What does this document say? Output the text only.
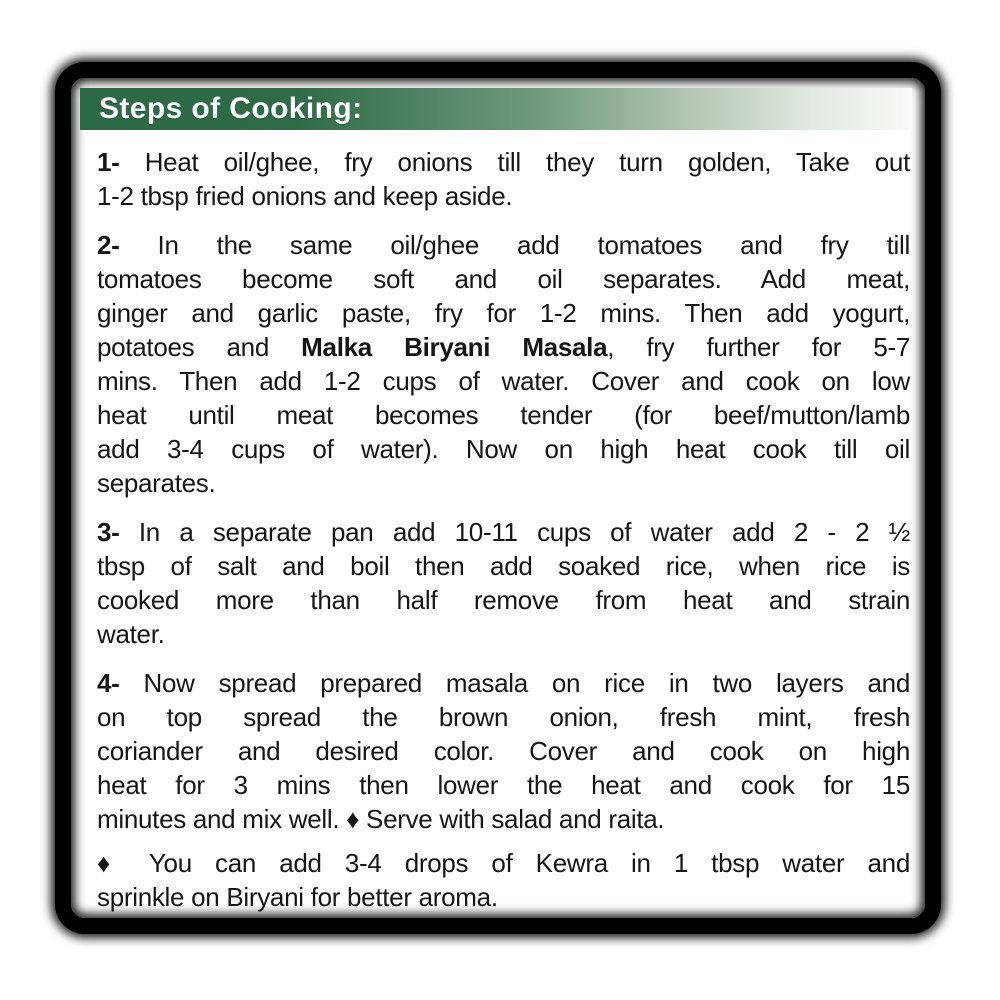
Steps of Cooking:
1- Heat oil/ghee, fry onions till they turn golden, Take out
1-2 tbsp fried onions and keep aside.
2- In the same oil/ghee add tomatoes and fry till
tomatoes become soft and oil separates. Add meat,
ginger and garlic paste, fry for 1-2 mins. Then add yogurt,
potatoes and Malka Biryani Masala, fry further for 5-7
mins. Then add 1-2 cups of water. Cover and cook on low
heat until meat becomes tender (for beef/mutton/lamb
add 3-4 cups of water). Now on high heat cook till oil
separates.
3- In a separate pan add 10-11 cups of water add 2 - 2 ½
tbsp of salt and boil then add soaked rice, when rice is
cooked more than half remove from heat and strain
water.
4- Now spread prepared masala on rice in two layers and
on top spread the brown onion, fresh mint, fresh
coriander and desired color. Cover and cook on high
heat for 3 mins then lower the heat and cook for 15
minutes and mix well. ♦ Serve with salad and raita.
♦ You can add 3-4 drops of Kewra in 1 tbsp water and
sprinkle on Biryani for better aroma.
